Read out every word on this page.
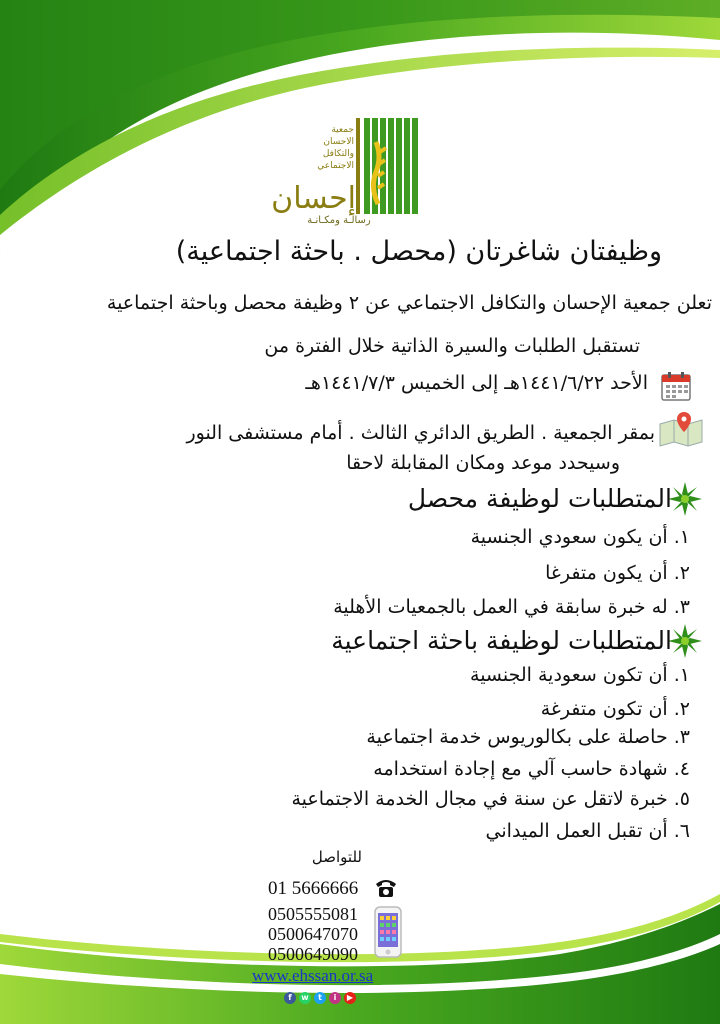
جمعية
الاحسان
والتكافل
الاجتماعي
إحسان
رسالـة ومكـانـة
وظيفتان شاغرتان (محصل . باحثة اجتماعية)
تعلن جمعية الإحسان والتكافل الاجتماعي عن ٢ وظيفة محصل وباحثة اجتماعية
تستقبل الطلبات والسيرة الذاتية خلال الفترة من
الأحد ١٤٤١/٦/٢٢هـ إلى الخميس ١٤٤١/٧/٣هـ
بمقر الجمعية . الطريق الدائري الثالث . أمام مستشفى النور
وسيحدد موعد ومكان المقابلة لاحقا
المتطلبات لوظيفة محصل
١. أن يكون سعودي الجنسية
٢. أن يكون متفرغا
٣. له خبرة سابقة في العمل بالجمعيات الأهلية
المتطلبات لوظيفة باحثة اجتماعية
١. أن تكون سعودية الجنسية
٢. أن تكون متفرغة
٣. حاصلة على بكالوريوس خدمة اجتماعية
٤. شهادة حاسب آلي مع إجادة استخدامه
٥. خبرة لاتقل عن سنة في مجال الخدمة الاجتماعية
٦. أن تقبل العمل الميداني
للتواصل
01 5666666
0505555081
0500647070
0500649090
www.ehssan.or.sa
f	w	t	i	▶
